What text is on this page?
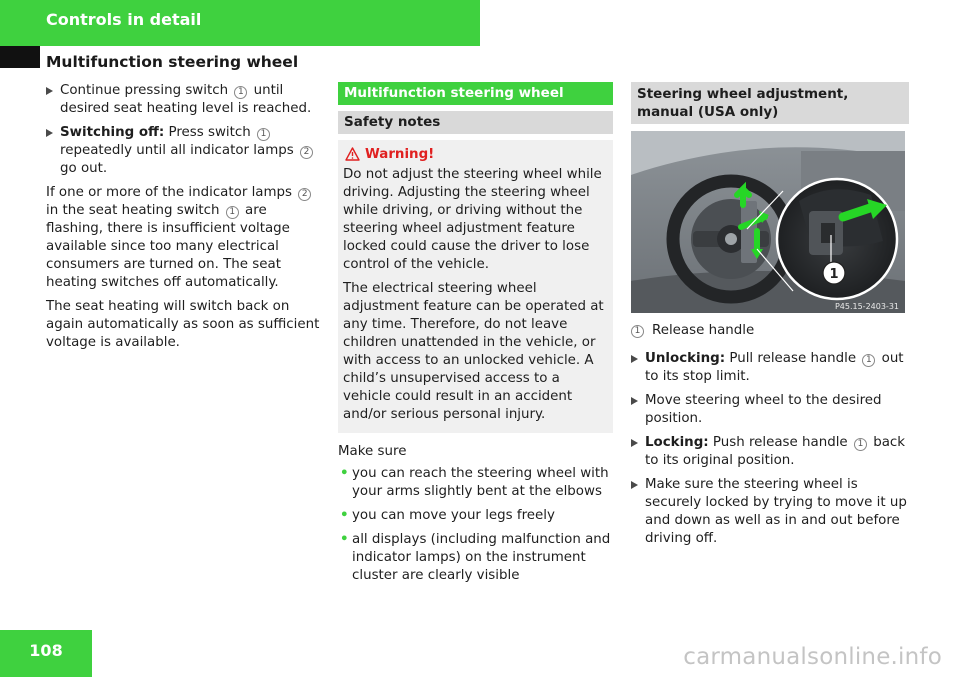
Controls in detail
Multifunction steering wheel
Continue pressing switch 1 until desired seat heating level is reached.
Switching off: Press switch 1 repeatedly until all indicator lamps 2 go out.
If one or more of the indicator lamps 2 in the seat heating switch 1 are flashing, there is insufficient voltage available since too many electrical consumers are turned on. The seat heating switches off automatically.
The seat heating will switch back on again automatically as soon as sufficient voltage is available.
Multifunction steering wheel
Safety notes
Warning!

Do not adjust the steering wheel while driving. Adjusting the steering wheel while driving, or driving without the steering wheel adjustment feature locked could cause the driver to lose control of the vehicle.

The electrical steering wheel adjustment feature can be operated at any time. Therefore, do not leave children unattended in the vehicle, or with access to an unlocked vehicle. A child’s unsupervised access to a vehicle could result in an accident and/or serious personal injury.

Make sure
• you can reach the steering wheel with your arms slightly bent at the elbows
• you can move your legs freely
• all displays (including malfunction and indicator lamps) on the instrument cluster are clearly visible
Steering wheel adjustment, manual (USA only)
1
P45.15-2403-31
1 Release handle
Unlocking: Pull release handle 1 out to its stop limit.
Move steering wheel to the desired position.
Locking: Push release handle 1 back to its original position.
Make sure the steering wheel is securely locked by trying to move it up and down as well as in and out before driving off.
108	carmanualsonline.info
